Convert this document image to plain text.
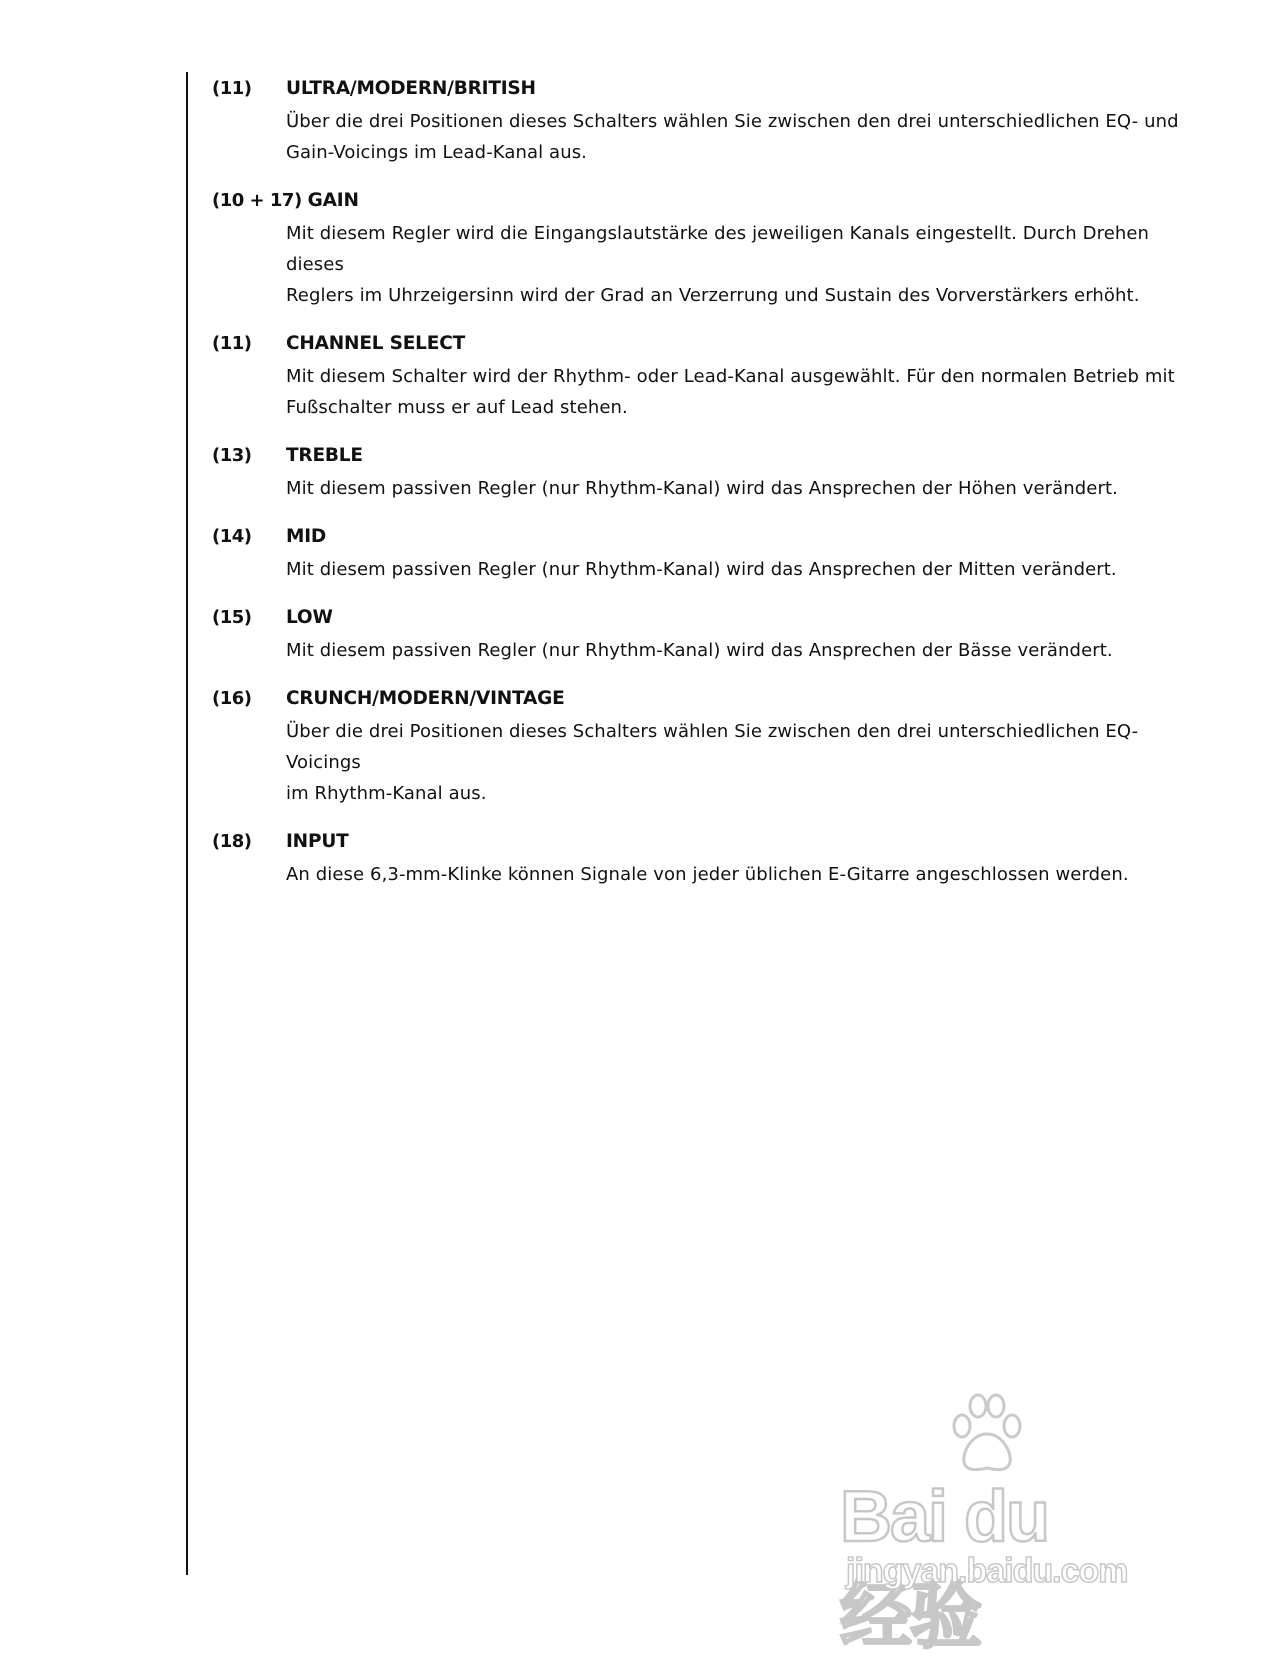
(11)	ULTRA/MODERN/BRITISH
Über die drei Positionen dieses Schalters wählen Sie zwischen den drei unterschiedlichen EQ- und
Gain-Voicings im Lead-Kanal aus.
(10 + 17) GAIN
Mit diesem Regler wird die Eingangslautstärke des jeweiligen Kanals eingestellt. Durch Drehen dieses
Reglers im Uhrzeigersinn wird der Grad an Verzerrung und Sustain des Vorverstärkers erhöht.
(11)	CHANNEL SELECT
Mit diesem Schalter wird der Rhythm- oder Lead-Kanal ausgewählt. Für den normalen Betrieb mit
Fußschalter muss er auf Lead stehen.
(13)	TREBLE
Mit diesem passiven Regler (nur Rhythm-Kanal) wird das Ansprechen der Höhen verändert.
(14)	MID
Mit diesem passiven Regler (nur Rhythm-Kanal) wird das Ansprechen der Mitten verändert.
(15)	LOW
Mit diesem passiven Regler (nur Rhythm-Kanal) wird das Ansprechen der Bässe verändert.
(16)	CRUNCH/MODERN/VINTAGE
Über die drei Positionen dieses Schalters wählen Sie zwischen den drei unterschiedlichen EQ-Voicings
im Rhythm-Kanal aus.
(18)	INPUT
An diese 6,3-mm-Klinke können Signale von jeder üblichen E-Gitarre angeschlossen werden.
Bai du 经验
jingyan.baidu.com
